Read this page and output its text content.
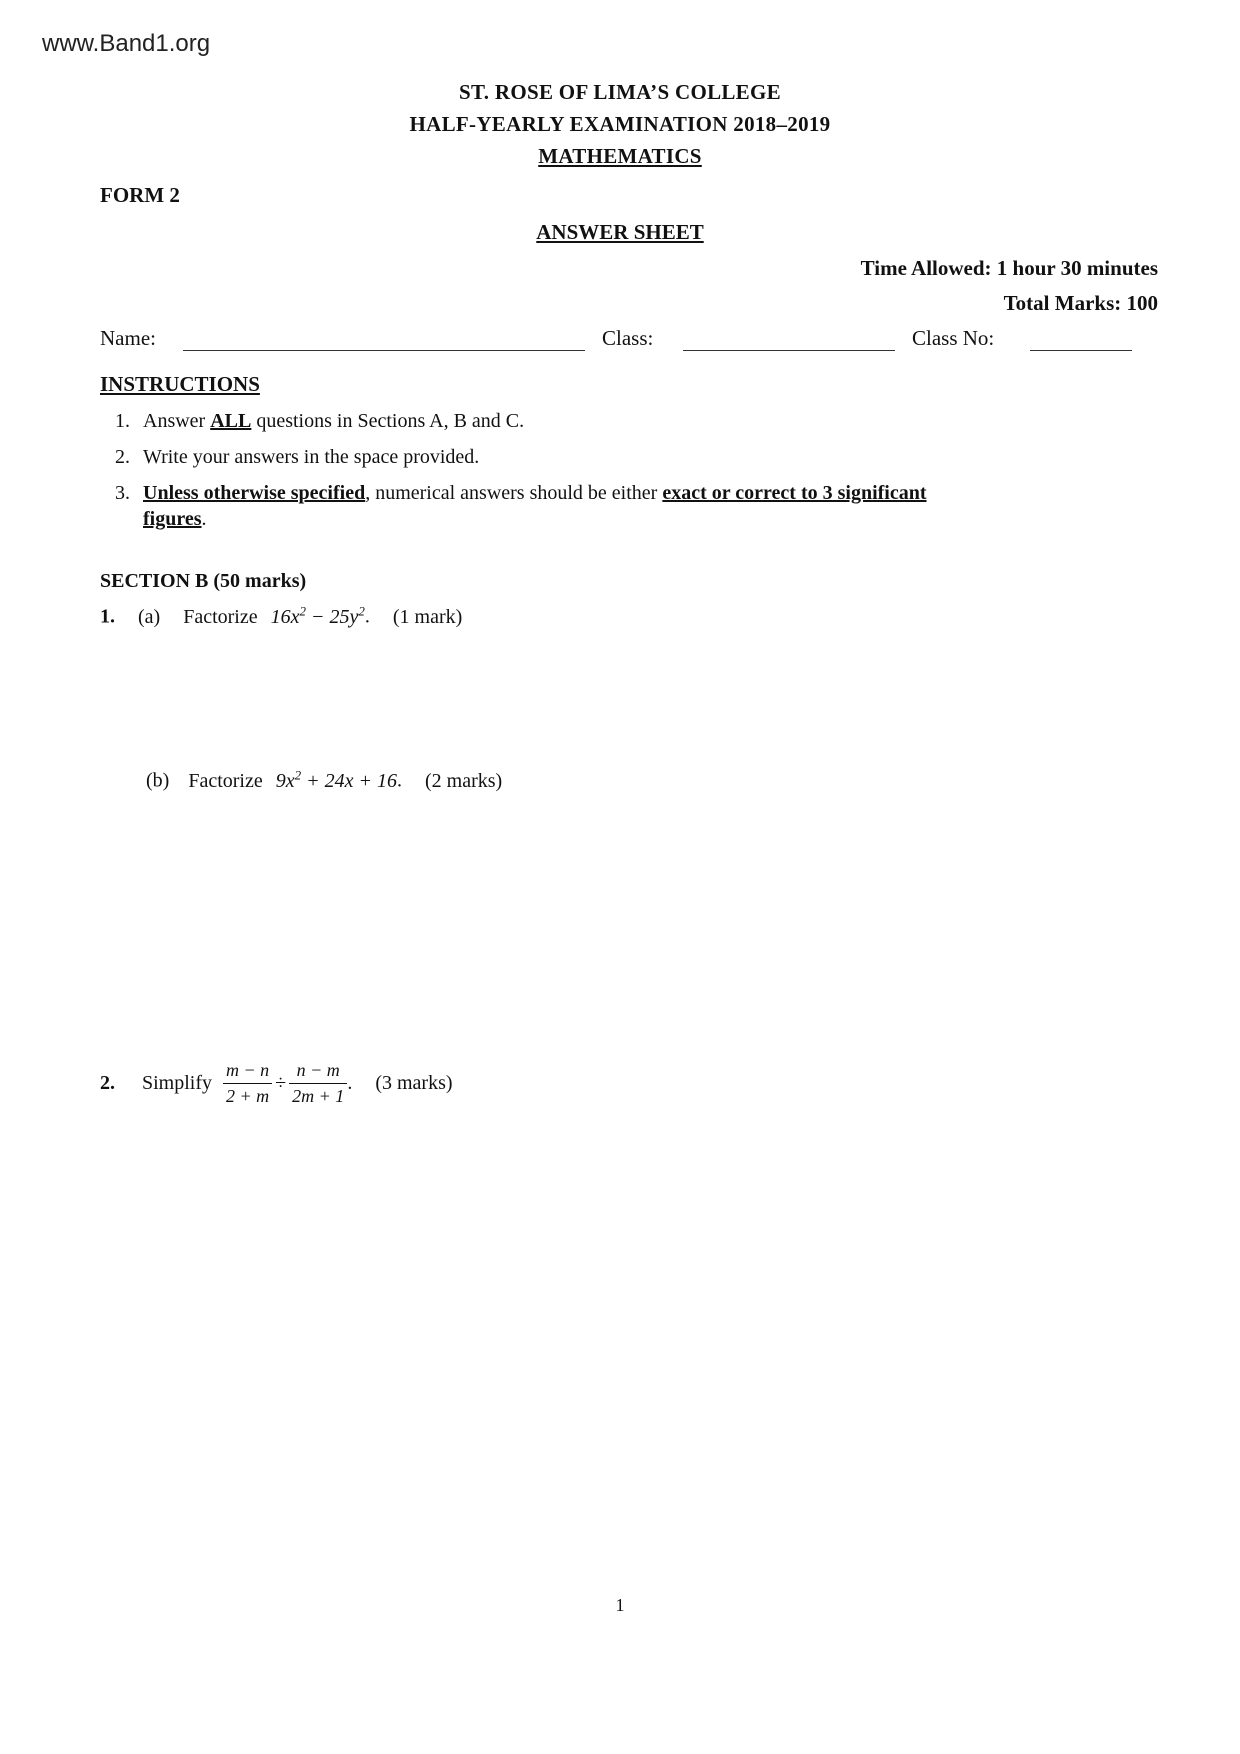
www.Band1.org
ST. ROSE OF LIMA’S COLLEGE
HALF-YEARLY EXAMINATION 2018–2019
MATHEMATICS
FORM 2
ANSWER SHEET
Time Allowed: 1 hour 30 minutes
Total Marks: 100
Name:	Class:	Class No:
INSTRUCTIONS
1. Answer ALL questions in Sections A, B and C.
2. Write your answers in the space provided.
3. Unless otherwise specified, numerical answers should be either exact or correct to 3 significant
figures.
SECTION B (50 marks)
1. (a) Factorize $16x^2 - 25y^2$. (1 mark)
(b) Factorize $9x^2 + 24x + 16$. (2 marks)
2. Simplify $\frac{m - n}{2 + m} \div \frac{n - m}{2m + 1}$ . (3 marks)
1
